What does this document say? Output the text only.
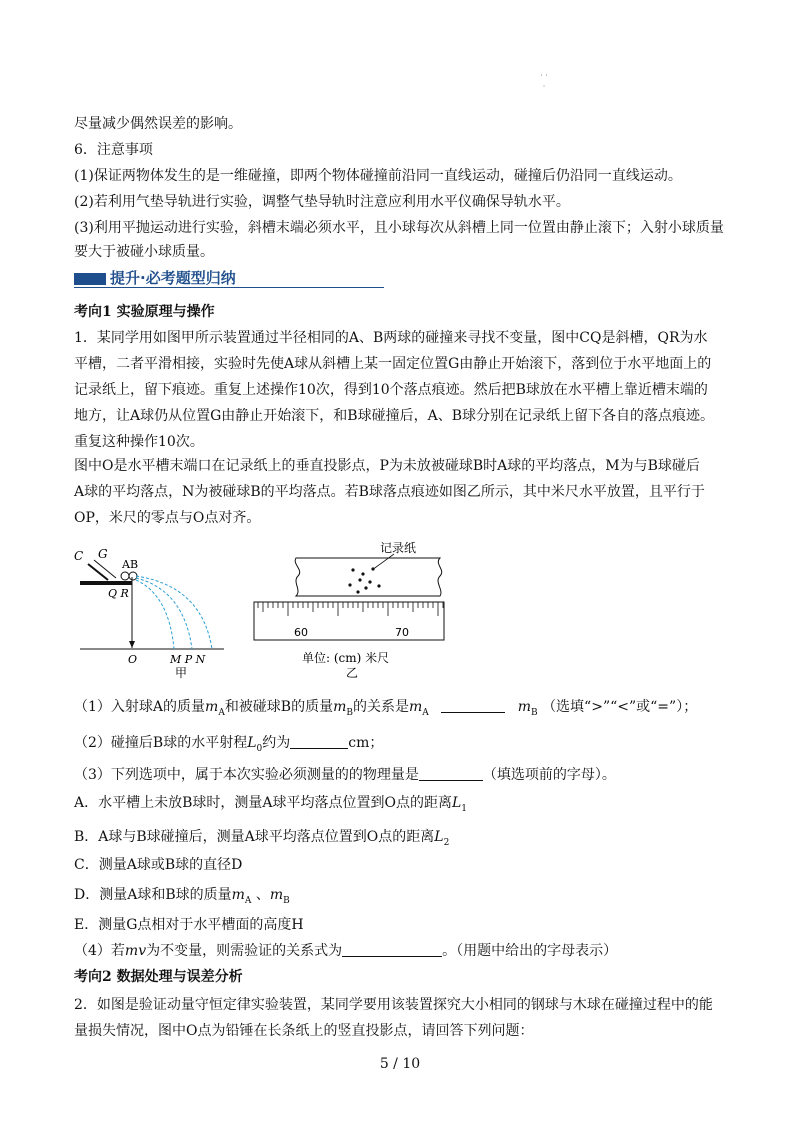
· · ·
尽量减少偶然误差的影响。
6．注意事项
(1)保证两物体发生的是一维碰撞，即两个物体碰撞前沿同一直线运动，碰撞后仍沿同一直线运动。
(2)若利用气垫导轨进行实验，调整气垫导轨时注意应利用水平仪确保导轨水平。
(3)利用平抛运动进行实验，斜槽末端必须水平，且小球每次从斜槽上同一位置由静止滚下；入射小球质量
要大于被碰小球质量。
提升·必考题型归纳
考向1 实验原理与操作
1．某同学用如图甲所示装置通过半径相同的A、B两球的碰撞来寻找不变量，图中CQ是斜槽，QR为水
平槽，二者平滑相接，实验时先使A球从斜槽上某一固定位置G由静止开始滚下，落到位于水平地面上的
记录纸上，留下痕迹。重复上述操作10次，得到10个落点痕迹。然后把B球放在水平槽上靠近槽末端的
地方，让A球仍从位置G由静止开始滚下，和B球碰撞后，A、B球分别在记录纸上留下各自的落点痕迹。
重复这种操作10次。
图中O是水平槽末端口在记录纸上的垂直投影点，P为未放被碰球B时A球的平均落点，M为与B球碰后
A球的平均落点，N为被碰球B的平均落点。若B球落点痕迹如图乙所示，其中米尺水平放置，且平行于
OP，米尺的零点与O点对齐。
C G
AB
Q R
O	M P N
甲
记录纸
60	70
单位: (cm) 米尺
乙
（1）入射球A的质量$m_A$和被碰球B的质量$m_B$的关系是$m_A$	$m_B$ （选填“>”“<”或“=”）；
（2）碰撞后B球的水平射程$L_0$约为	cm；
（3）下列选项中，属于本次实验必须测量的的物理量是	（填选项前的字母）。
A．水平槽上未放B球时，测量A球平均落点位置到O点的距离$L_1$
B．A球与B球碰撞后，测量A球平均落点位置到O点的距离$L_2$
C．测量A球或B球的直径D
D．测量A球和B球的质量$m_A$ 、$m_B$
E．测量G点相对于水平槽面的高度H
（4）若mv为不变量，则需验证的关系式为	。（用题中给出的字母表示）
考向2 数据处理与误差分析
2．如图是验证动量守恒定律实验装置，某同学要用该装置探究大小相同的钢球与木球在碰撞过程中的能
量损失情况，图中O点为铅锤在长条纸上的竖直投影点，请回答下列问题：
5 / 10
